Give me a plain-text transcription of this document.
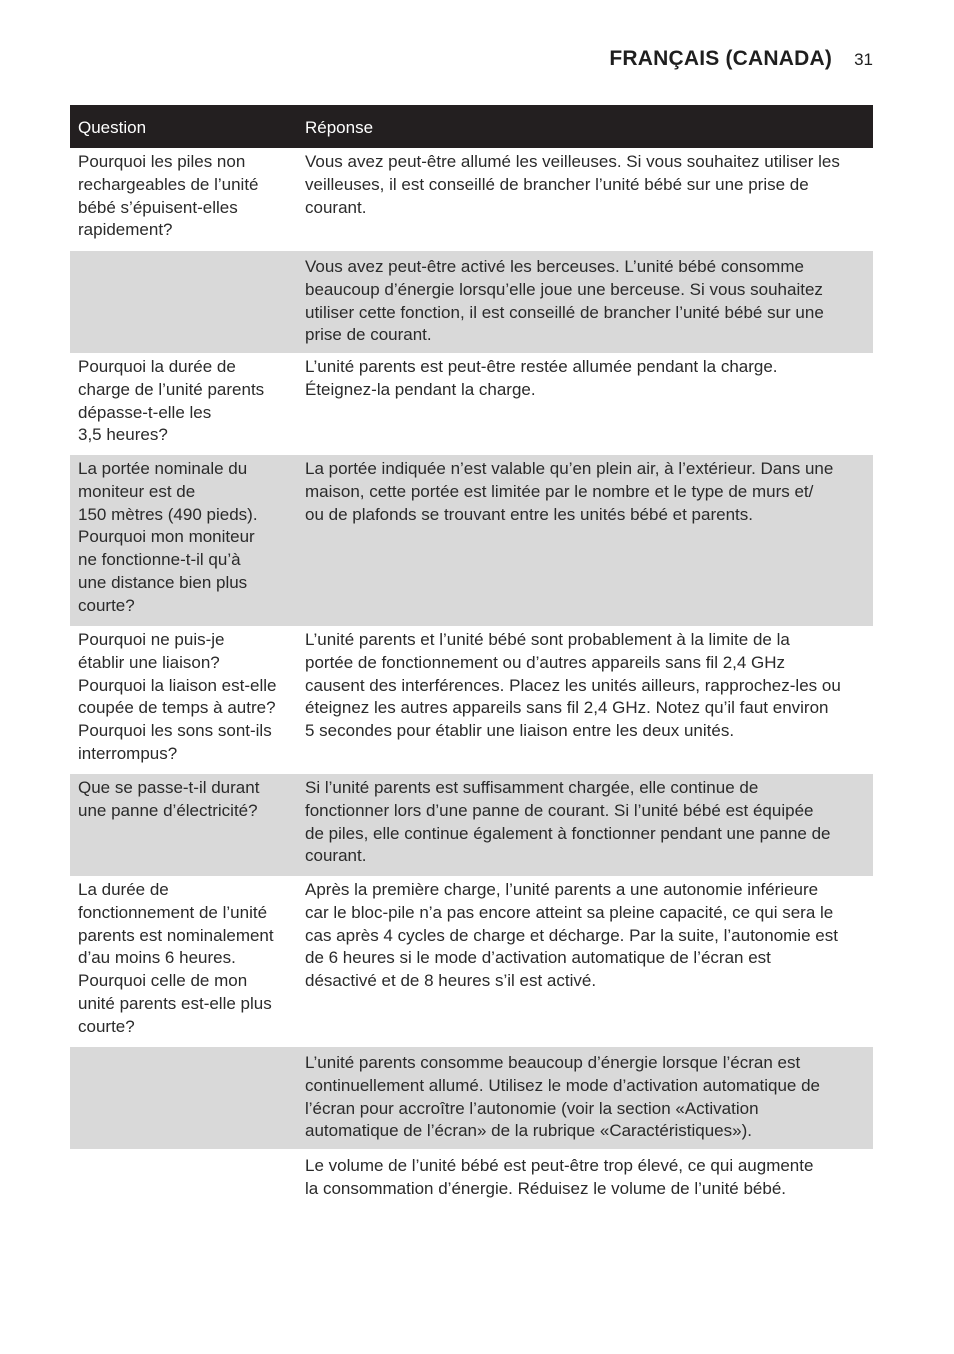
FRANÇAIS (CANADA) 31
Question	Réponse
Pourquoi les piles non
rechargeables de l’unité
bébé s’épuisent-elles
rapidement?
Vous avez peut-être allumé les veilleuses. Si vous souhaitez utiliser les
veilleuses, il est conseillé de brancher l’unité bébé sur une prise de
courant.
Vous avez peut-être activé les berceuses. L’unité bébé consomme
beaucoup d’énergie lorsqu’elle joue une berceuse. Si vous souhaitez
utiliser cette fonction, il est conseillé de brancher l’unité bébé sur une
prise de courant.
Pourquoi la durée de
charge de l’unité parents
dépasse-t-elle les
3,5 heures?
L’unité parents est peut-être restée allumée pendant la charge.
Éteignez-la pendant la charge.
La portée nominale du
moniteur est de
150 mètres (490 pieds).
Pourquoi mon moniteur
ne fonctionne-t-il qu’à
une distance bien plus
courte?
La portée indiquée n’est valable qu’en plein air, à l’extérieur. Dans une
maison, cette portée est limitée par le nombre et le type de murs et/
ou de plafonds se trouvant entre les unités bébé et parents.
Pourquoi ne puis-je
établir une liaison?
Pourquoi la liaison est-elle
coupée de temps à autre?
Pourquoi les sons sont-ils
interrompus?
L’unité parents et l’unité bébé sont probablement à la limite de la
portée de fonctionnement ou d’autres appareils sans fil 2,4 GHz
causent des interférences. Placez les unités ailleurs, rapprochez-les ou
éteignez les autres appareils sans fil 2,4 GHz. Notez qu’il faut environ
5 secondes pour établir une liaison entre les deux unités.
Que se passe-t-il durant
une panne d’électricité?
Si l’unité parents est suffisamment chargée, elle continue de
fonctionner lors d’une panne de courant. Si l’unité bébé est équipée
de piles, elle continue également à fonctionner pendant une panne de
courant.
La durée de
fonctionnement de l’unité
parents est nominalement
d’au moins 6 heures.
Pourquoi celle de mon
unité parents est-elle plus
courte?
Après la première charge, l’unité parents a une autonomie inférieure
car le bloc-pile n’a pas encore atteint sa pleine capacité, ce qui sera le
cas après 4 cycles de charge et décharge. Par la suite, l’autonomie est
de 6 heures si le mode d’activation automatique de l’écran est
désactivé et de 8 heures s’il est activé.
L’unité parents consomme beaucoup d’énergie lorsque l’écran est
continuellement allumé. Utilisez le mode d’activation automatique de
l’écran pour accroître l’autonomie (voir la section «Activation
automatique de l’écran» de la rubrique «Caractéristiques»).
Le volume de l’unité bébé est peut-être trop élevé, ce qui augmente
la consommation d’énergie. Réduisez le volume de l’unité bébé.
